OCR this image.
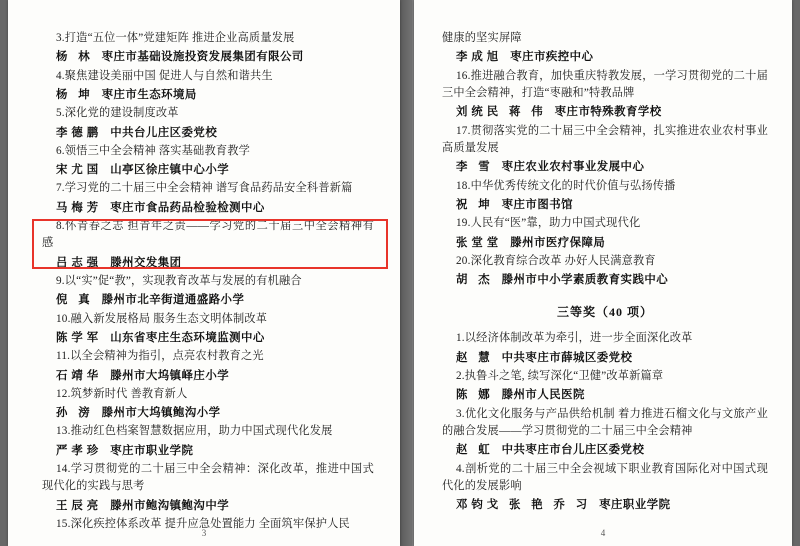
3.打造“五位一体”党建矩阵 推进企业高质量发展
杨 林 枣庄市基础设施投资发展集团有限公司
4.聚焦建设美丽中国 促进人与自然和谐共生
杨 坤 枣庄市生态环境局
5.深化党的建设制度改革
李德鹏 中共台儿庄区委党校
6.领悟三中全会精神 落实基础教育教学
宋尤国 山亭区徐庄镇中心小学
7.学习党的二十届三中全会精神 谱写食品药品安全科普新篇
马梅芳 枣庄市食品药品检验检测中心
8.怀青春之志 担青年之责——学习党的二十届三中全会精神有感
吕志强 滕州交发集团
9.以“实”促“教”，实现教育改革与发展的有机融合
倪 真 滕州市北辛街道通盛路小学
10.融入新发展格局 服务生态文明体制改革
陈学军 山东省枣庄生态环境监测中心
11.以全会精神为指引，点亮农村教育之光
石靖华 滕州市大坞镇峄庄小学
12.筑梦新时代 善教育新人
孙 滂 滕州市大坞镇鲍沟小学
13.推动红色档案智慧数据应用，助力中国式现代化发展
严孝珍 枣庄市职业学院
14.学习贯彻党的二十届三中全会精神：深化改革，推进中国式现代化的实践与思考
王辰亮 滕州市鲍沟镇鲍沟中学
15.深化疾控体系改革 提升应急处置能力 全面筑牢保护人民
3
健康的坚实屏障
李成旭 枣庄市疾控中心
16.推进融合教育，加快重庆特教发展，一学习贯彻党的二十届三中全会精神，打造“枣融和”特教品牌
刘统民 蒋 伟 枣庄市特殊教育学校
17.贯彻落实党的二十届三中全会精神，扎实推进农业农村事业高质量发展
李 雪 枣庄农业农村事业发展中心
18.中华优秀传统文化的时代价值与弘扬传播
祝 坤 枣庄市图书馆
19.人民有“医”靠，助力中国式现代化
张堂堂 滕州市医疗保障局
20.深化教育综合改革 办好人民满意教育
胡 杰 滕州市中小学素质教育实践中心
三等奖（40 项）
1.以经济体制改革为牵引，进一步全面深化改革
赵 慧 中共枣庄市薛城区委党校
2.执鲁斗之笔, 续写深化“卫健”改革新篇章
陈 娜 滕州市人民医院
3.优化文化服务与产品供给机制 着力推进石榴文化与文旅产业的融合发展——学习贯彻党的二十届三中全会精神
赵 虹 中共枣庄市台儿庄区委党校
4.剖析党的二十届三中全会视域下职业教育国际化对中国式现代化的发展影响
邓钧戈 张 艳 乔 习 枣庄职业学院
4
